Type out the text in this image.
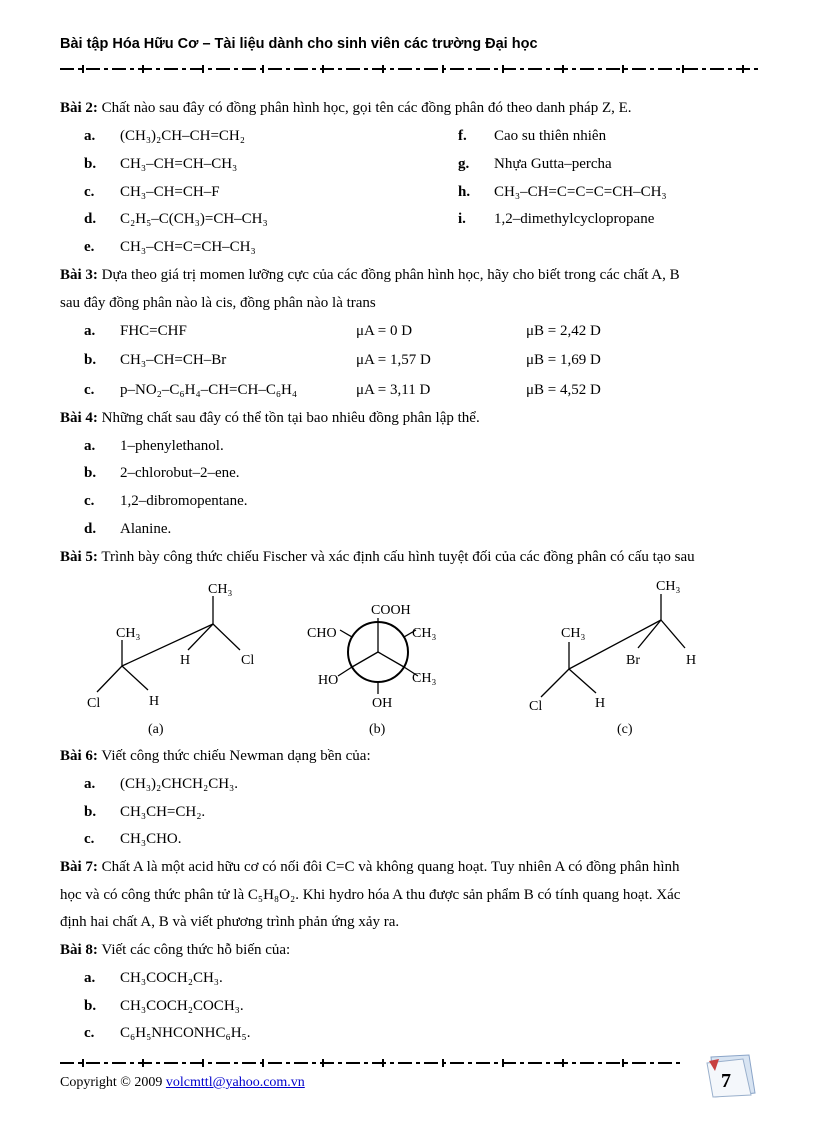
Bài tập Hóa Hữu Cơ – Tài liệu dành cho sinh viên các trường Đại học
Bài 2: Chất nào sau đây có đồng phân hình học, gọi tên các đồng phân đó theo danh pháp Z, E.
a. (CH₃)₂CH–CH=CH₂
b. CH₃–CH=CH–CH₃
c. CH₃–CH=CH–F
d. C₂H₅–C(CH₃)=CH–CH₃
e. CH₃–CH=C=CH–CH₃
f. Cao su thiên nhiên
g. Nhựa Gutta–percha
h. CH₃–CH=C=C=C=CH–CH₃
i. 1,2–dimethylcyclopropane
Bài 3: Dựa theo giá trị momen lưỡng cực của các đồng phân hình học, hãy cho biết trong các chất A, B
sau đây đồng phân nào là cis, đồng phân nào là trans
a. FHC=CHF	μA = 0 D	μB = 2,42 D
b. CH₃–CH=CH–Br	μA = 1,57 D	μB = 1,69 D
c. p–NO₂–C₆H₄–CH=CH–C₆H₄	μA = 3,11 D	μB = 4,52 D
Bài 4: Những chất sau đây có thể tồn tại bao nhiêu đồng phân lập thể.
a. 1–phenylethanol.
b. 2–chlorobut–2–ene.
c. 1,2–dibromopentane.
d. Alanine.
Bài 5: Trình bày công thức chiếu Fischer và xác định cấu hình tuyệt đối của các đồng phân có cấu tạo sau
CH₃
CH₃
H	Cl
Cl	H
(a)
COOH
CHO	CH₃
HO	CH₃
OH
(b)
CH₃
CH₃
Br	H
Cl	H
(c)
Bài 6: Viết công thức chiếu Newman dạng bền của:
a. (CH₃)₂CHCH₂CH₃.
b. CH₃CH=CH₂.
c. CH₃CHO.
Bài 7: Chất A là một acid hữu cơ có nối đôi C=C và không quang hoạt. Tuy nhiên A có đồng phân hình
học và có công thức phân tử là C₅H₈O₂. Khi hydro hóa A thu được sản phẩm B có tính quang hoạt. Xác
định hai chất A, B và viết phương trình phản ứng xảy ra.
Bài 8: Viết các công thức hỗ biến của:
a. CH₃COCH₂CH₃.
b. CH₃COCH₂COCH₃.
c. C₆H₅NHCONHC₆H₅.
Copyright © 2009 volcmttl@yahoo.com.vn	7
